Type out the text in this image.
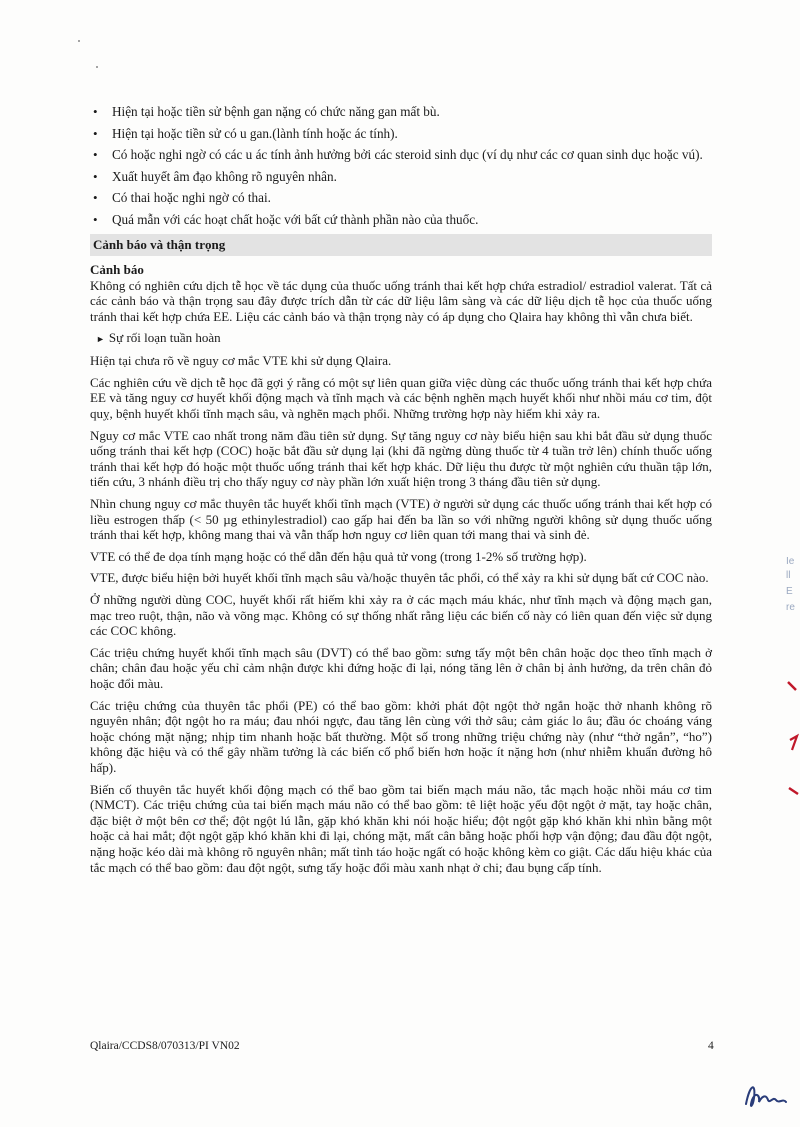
• Hiện tại hoặc tiền sử bệnh gan nặng có chức năng gan mất bù.
• Hiện tại hoặc tiền sử có u gan.(lành tính hoặc ác tính).
• Có hoặc nghi ngờ có các u ác tính ảnh hưởng bởi các steroid sinh dục (ví dụ như các cơ quan sinh dục hoặc vú).
• Xuất huyết âm đạo không rõ nguyên nhân.
• Có thai hoặc nghi ngờ có thai.
• Quá mẫn với các hoạt chất hoặc với bất cứ thành phần nào của thuốc.
Cảnh báo và thận trọng
Cảnh báo

Không có nghiên cứu dịch tễ học về tác dụng của thuốc uống tránh thai kết hợp chứa estradiol/ estradiol valerat. Tất cả các cảnh báo và thận trọng sau đây được trích dẫn từ các dữ liệu lâm sàng và các dữ liệu dịch tễ học của thuốc uống tránh thai kết hợp chứa EE. Liệu các cảnh báo và thận trọng này có áp dụng cho Qlaira hay không thì vẫn chưa biết.

► Sự rối loạn tuần hoàn

Hiện tại chưa rõ về nguy cơ mắc VTE khi sử dụng Qlaira.

Các nghiên cứu về dịch tễ học đã gợi ý rằng có một sự liên quan giữa việc dùng các thuốc uống tránh thai kết hợp chứa EE và tăng nguy cơ huyết khối động mạch và tĩnh mạch và các bệnh nghẽn mạch huyết khối như nhồi máu cơ tim, đột quỵ, bệnh huyết khối tĩnh mạch sâu, và nghẽn mạch phổi. Những trường hợp này hiếm khi xảy ra.

Nguy cơ mắc VTE cao nhất trong năm đầu tiên sử dụng. Sự tăng nguy cơ này biểu hiện sau khi bắt đầu sử dụng thuốc uống tránh thai kết hợp (COC) hoặc bắt đầu sử dụng lại (khi đã ngừng dùng thuốc từ 4 tuần trở lên) chính thuốc uống tránh thai kết hợp đó hoặc một thuốc uống tránh thai kết hợp khác. Dữ liệu thu được từ một nghiên cứu thuần tập lớn, tiến cứu, 3 nhánh điều trị cho thấy nguy cơ này phần lớn xuất hiện trong 3 tháng đầu tiên sử dụng.

Nhìn chung nguy cơ mắc thuyên tắc huyết khối tĩnh mạch (VTE) ở người sử dụng các thuốc uống tránh thai kết hợp có liều estrogen thấp (< 50 µg ethinylestradiol) cao gấp hai đến ba lần so với những người không sử dụng thuốc uống tránh thai kết hợp, không mang thai và vẫn thấp hơn nguy cơ liên quan tới mang thai và sinh đẻ.

VTE có thể đe dọa tính mạng hoặc có thể dẫn đến hậu quả tử vong (trong 1-2% số trường hợp).

VTE, được biểu hiện bởi huyết khối tĩnh mạch sâu và/hoặc thuyên tắc phổi, có thể xảy ra khi sử dụng bất cứ COC nào.

Ở những người dùng COC, huyết khối rất hiếm khi xảy ra ở các mạch máu khác, như tĩnh mạch và động mạch gan, mạc treo ruột, thận, não và võng mạc. Không có sự thống nhất rằng liệu các biến cố này có liên quan đến việc sử dụng các COC không.

Các triệu chứng huyết khối tĩnh mạch sâu (DVT) có thể bao gồm: sưng tấy một bên chân hoặc dọc theo tĩnh mạch ở chân; chân đau hoặc yếu chỉ cảm nhận được khi đứng hoặc đi lại, nóng tăng lên ở chân bị ảnh hưởng, da trên chân đỏ hoặc đổi màu.

Các triệu chứng của thuyên tắc phổi (PE) có thể bao gồm: khởi phát đột ngột thở ngắn hoặc thở nhanh không rõ nguyên nhân; đột ngột ho ra máu; đau nhói ngực, đau tăng lên cùng với thở sâu; cảm giác lo âu; đầu óc choáng váng hoặc chóng mặt nặng; nhịp tim nhanh hoặc bất thường. Một số trong những triệu chứng này (như “thở ngắn”, “ho”) không đặc hiệu và có thể gây nhầm tưởng là các biến cố phổ biến hơn hoặc ít nặng hơn (như nhiễm khuẩn đường hô hấp).

Biến cố thuyên tắc huyết khối động mạch có thể bao gồm tai biến mạch máu não, tắc mạch hoặc nhồi máu cơ tim (NMCT). Các triệu chứng của tai biến mạch máu não có thể bao gồm: tê liệt hoặc yếu đột ngột ở mặt, tay hoặc chân, đặc biệt ở một bên cơ thể; đột ngột lú lẫn, gặp khó khăn khi nói hoặc hiểu; đột ngột gặp khó khăn khi nhìn bằng một hoặc cả hai mắt; đột ngột gặp khó khăn khi đi lại, chóng mặt, mất cân bằng hoặc phối hợp vận động; đau đầu đột ngột, nặng hoặc kéo dài mà không rõ nguyên nhân; mất tỉnh táo hoặc ngất có hoặc không kèm co giật. Các dấu hiệu khác của tắc mạch có thể bao gồm: đau đột ngột, sưng tấy hoặc đổi màu xanh nhạt ở chi; đau bụng cấp tính.

Ie
ll
E
re
Qlaira/CCDS8/070313/PI VN02	4
